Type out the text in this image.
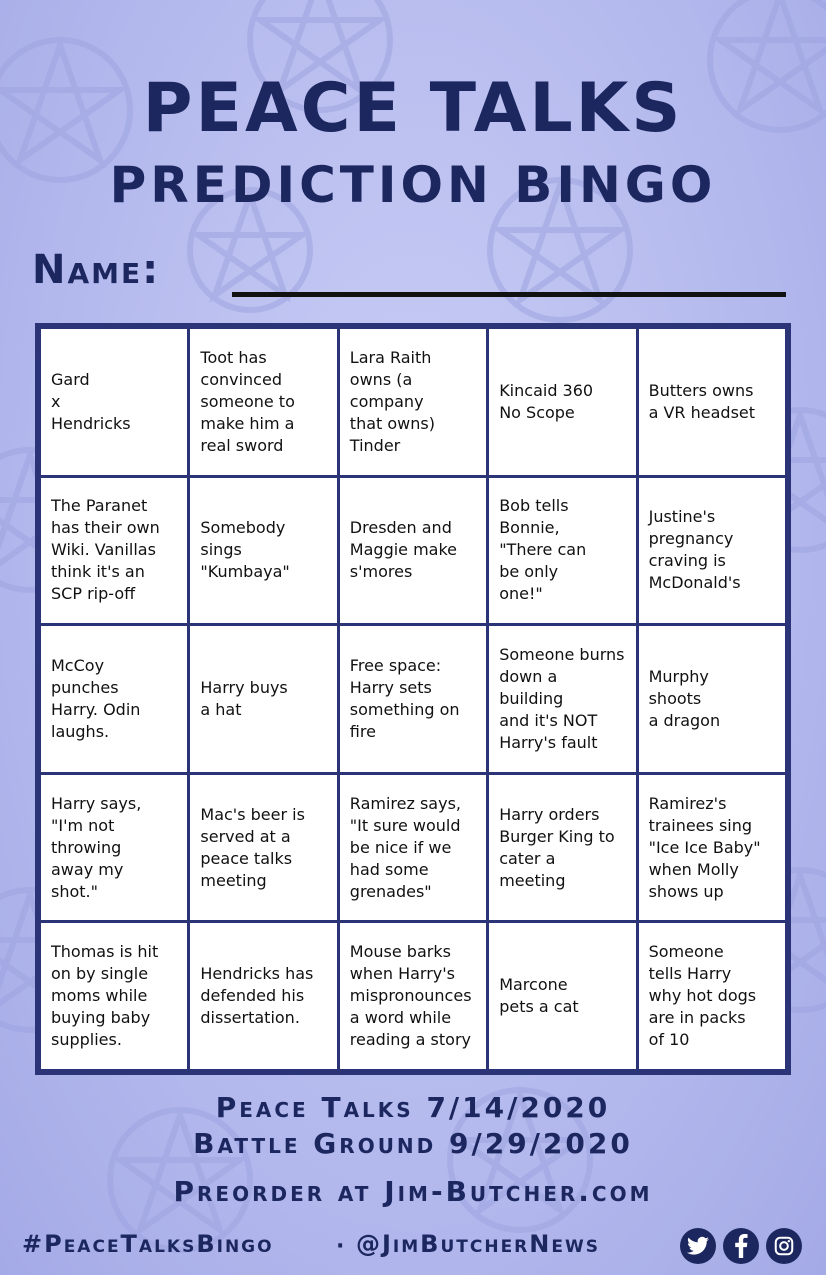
PEACE TALKS
PREDICTION BINGO
Name:
Gard
x
Hendricks
Toot has
convinced
someone to
make him a
real sword
Lara Raith
owns (a
company
that owns)
Tinder
Kincaid 360
No Scope
Butters owns
a VR headset
The Paranet
has their own
Wiki. Vanillas
think it's an
SCP rip-off
Somebody
sings
"Kumbaya"
Dresden and
Maggie make
s'mores
Bob tells
Bonnie,
"There can
be only
one!"
Justine's
pregnancy
craving is
McDonald's
McCoy
punches
Harry. Odin
laughs.
Harry buys
a hat
Free space:
Harry sets
something on
fire
Someone burns
down a building
and it's NOT
Harry's fault
Murphy
shoots
a dragon
Harry says,
"I'm not
throwing
away my
shot."
Mac's beer is
served at a
peace talks
meeting
Ramirez says,
"It sure would
be nice if we
had some
grenades"
Harry orders
Burger King to
cater a
meeting
Ramirez's
trainees sing
"Ice Ice Baby"
when Molly
shows up
Thomas is hit
on by single
moms while
buying baby
supplies.
Hendricks has
defended his
dissertation.
Mouse barks
when Harry's
mispronounces
a word while
reading a story
Marcone
pets a cat
Someone
tells Harry
why hot dogs
are in packs
of 10

Peace Talks 7/14/2020

Battle Ground 9/29/2020

Preorder at Jim-Butcher.com

#PeaceTalksBingo	· @JimButcherNews
